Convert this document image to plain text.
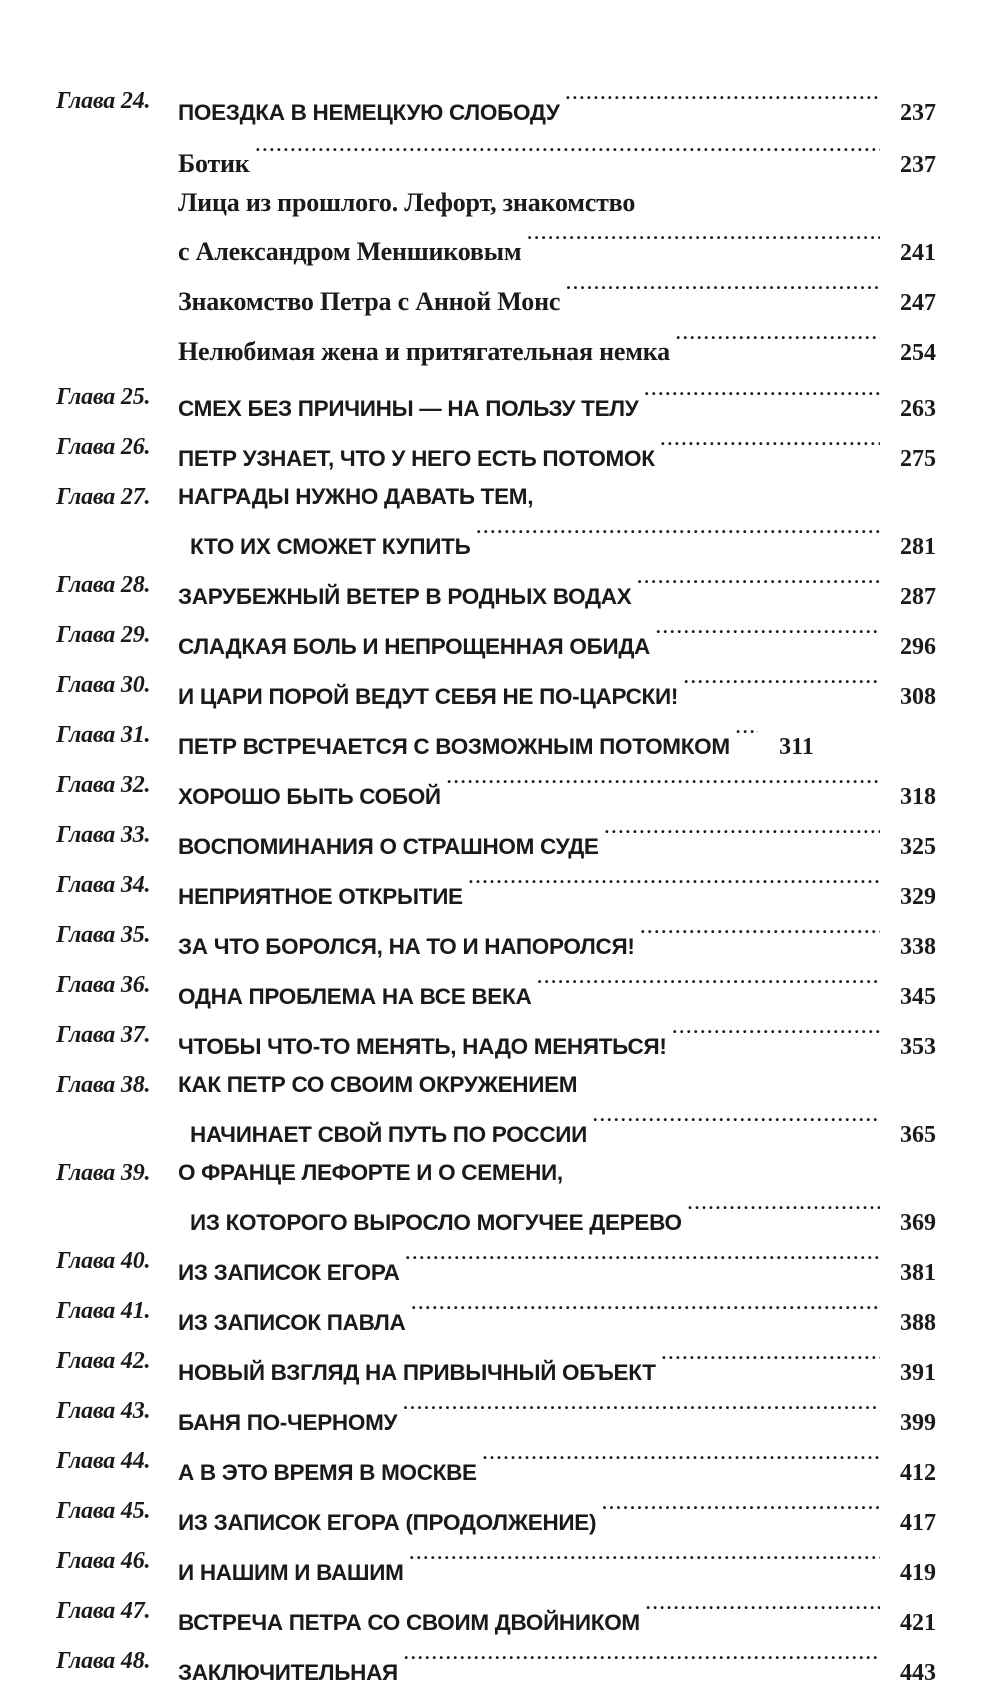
Глава 24.	ПОЕЗДКА В НЕМЕЦКУЮ СЛОБОДУ . . .	237
Ботик . . .	237
Лица из прошлого. Лефорт, знакомство
с Александром Меншиковым . . .	241
Знакомство Петра с Анной Монс . . .	247
Нелюбимая жена и притягательная немка . . .	254
Глава 25.	СМЕХ БЕЗ ПРИЧИНЫ — НА ПОЛЬЗУ ТЕЛУ . . .	263
Глава 26.	ПЕТР УЗНАЕТ, ЧТО У НЕГО ЕСТЬ ПОТОМОК . . .	275
Глава 27.	НАГРАДЫ НУЖНО ДАВАТЬ ТЕМ,
КТО ИХ СМОЖЕТ КУПИТЬ . . .	281
Глава 28.	ЗАРУБЕЖНЫЙ ВЕТЕР В РОДНЫХ ВОДАХ . . .	287
Глава 29.	СЛАДКАЯ БОЛЬ И НЕПРОЩЕННАЯ ОБИДА . . .	296
Глава 30.	И ЦАРИ ПОРОЙ ВЕДУТ СЕБЯ НЕ ПО-ЦАРСКИ! . . .	308
Глава 31.	ПЕТР ВСТРЕЧАЕТСЯ С ВОЗМОЖНЫМ ПОТОМКОМ . . .	311
Глава 32.	ХОРОШО БЫТЬ СОБОЙ . . .	318
Глава 33.	ВОСПОМИНАНИЯ О СТРАШНОМ СУДЕ . . .	325
Глава 34.	НЕПРИЯТНОЕ ОТКРЫТИЕ . . .	329
Глава 35.	ЗА ЧТО БОРОЛСЯ, НА ТО И НАПОРОЛСЯ! . . .	338
Глава 36.	ОДНА ПРОБЛЕМА НА ВСЕ ВЕКА . . .	345
Глава 37.	ЧТОБЫ ЧТО-ТО МЕНЯТЬ, НАДО МЕНЯТЬСЯ! . . .	353
Глава 38.	КАК ПЕТР СО СВОИМ ОКРУЖЕНИЕМ
НАЧИНАЕТ СВОЙ ПУТЬ ПО РОССИИ . . .	365
Глава 39.	О ФРАНЦЕ ЛЕФОРТЕ И О СЕМЕНИ,
ИЗ КОТОРОГО ВЫРОСЛО МОГУЧЕЕ ДЕРЕВО . . .	369
Глава 40.	ИЗ ЗАПИСОК ЕГОРА . . .	381
Глава 41.	ИЗ ЗАПИСОК ПАВЛА . . .	388
Глава 42.	НОВЫЙ ВЗГЛЯД НА ПРИВЫЧНЫЙ ОБЪЕКТ . . .	391
Глава 43.	БАНЯ ПО-ЧЕРНОМУ . . .	399
Глава 44.	А В ЭТО ВРЕМЯ В МОСКВЕ . . .	412
Глава 45.	ИЗ ЗАПИСОК ЕГОРА (ПРОДОЛЖЕНИЕ) . . .	417
Глава 46.	И НАШИМ И ВАШИМ . . .	419
Глава 47.	ВСТРЕЧА ПЕТРА СО СВОИМ ДВОЙНИКОМ . . .	421
Глава 48.	ЗАКЛЮЧИТЕЛЬНАЯ . . .	443
